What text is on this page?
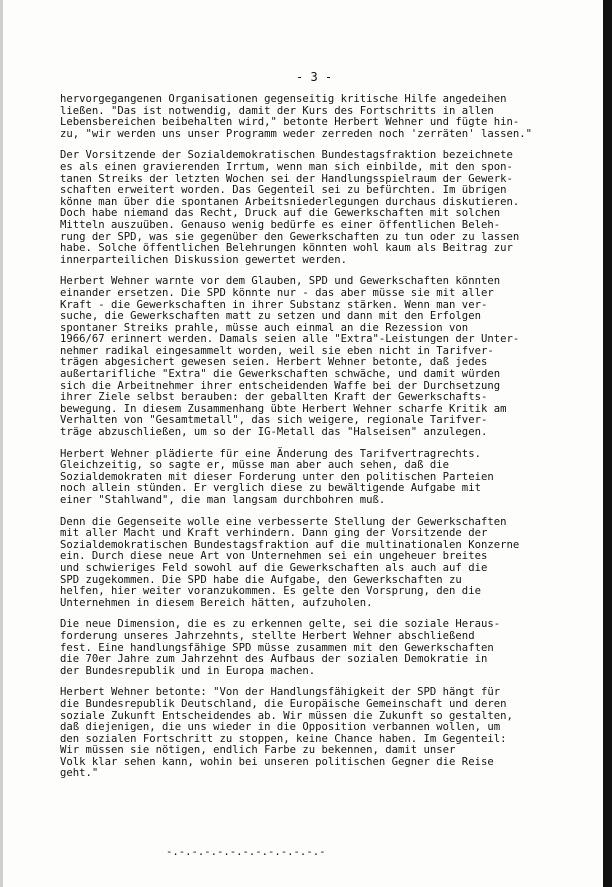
- 3 -
hervorgegangenen Organisationen gegenseitig kritische Hilfe angedeihen
ließen. "Das ist notwendig, damit der Kurs des Fortschritts in allen
Lebensbereichen beibehalten wird," betonte Herbert Wehner und fügte hin-
zu, "wir werden uns unser Programm weder zerreden noch 'zerräten' lassen."
Der Vorsitzende der Sozialdemokratischen Bundestagsfraktion bezeichnete
es als einen gravierenden Irrtum, wenn man sich einbilde, mit den spon-
tanen Streiks der letzten Wochen sei der Handlungsspielraum der Gewerk-
schaften erweitert worden. Das Gegenteil sei zu befürchten. Im übrigen
könne man über die spontanen Arbeitsniederlegungen durchaus diskutieren.
Doch habe niemand das Recht, Druck auf die Gewerkschaften mit solchen
Mitteln auszuüben. Genauso wenig bedürfe es einer öffentlichen Beleh-
rung der SPD, was sie gegenüber den Gewerkschaften zu tun oder zu lassen
habe. Solche öffentlichen Belehrungen könnten wohl kaum als Beitrag zur
innerparteilichen Diskussion gewertet werden.
Herbert Wehner warnte vor dem Glauben, SPD und Gewerkschaften könnten
einander ersetzen. Die SPD könnte nur - das aber müsse sie mit aller
Kraft - die Gewerkschaften in ihrer Substanz stärken. Wenn man ver-
suche, die Gewerkschaften matt zu setzen und dann mit den Erfolgen
spontaner Streiks prahle, müsse auch einmal an die Rezession von
1966/67 erinnert werden. Damals seien alle "Extra"-Leistungen der Unter-
nehmer radikal eingesammelt worden, weil sie eben nicht in Tarifver-
trägen abgesichert gewesen seien. Herbert Wehner betonte, daß jedes
außertarifliche "Extra" die Gewerkschaften schwäche, und damit würden
sich die Arbeitnehmer ihrer entscheidenden Waffe bei der Durchsetzung
ihrer Ziele selbst berauben: der geballten Kraft der Gewerkschafts-
bewegung. In diesem Zusammenhang übte Herbert Wehner scharfe Kritik am
Verhalten von "Gesamtmetall", das sich weigere, regionale Tarifver-
träge abzuschließen, um so der IG-Metall das "Halseisen" anzulegen.
Herbert Wehner plädierte für eine Änderung des Tarifvertragrechts.
Gleichzeitig, so sagte er, müsse man aber auch sehen, daß die
Sozialdemokraten mit dieser Forderung unter den politischen Parteien
noch allein stünden. Er verglich diese zu bewältigende Aufgabe mit
einer "Stahlwand", die man langsam durchbohren muß.
Denn die Gegenseite wolle eine verbesserte Stellung der Gewerkschaften
mit aller Macht und Kraft verhindern. Dann ging der Vorsitzende der
Sozialdemokratischen Bundestagsfraktion auf die multinationalen Konzerne
ein. Durch diese neue Art von Unternehmen sei ein ungeheuer breites
und schwieriges Feld sowohl auf die Gewerkschaften als auch auf die
SPD zugekommen. Die SPD habe die Aufgabe, den Gewerkschaften zu
helfen, hier weiter voranzukommen. Es gelte den Vorsprung, den die
Unternehmen in diesem Bereich hätten, aufzuholen.
Die neue Dimension, die es zu erkennen gelte, sei die soziale Heraus-
forderung unseres Jahrzehnts, stellte Herbert Wehner abschließend
fest. Eine handlungsfähige SPD müsse zusammen mit den Gewerkschaften
die 70er Jahre zum Jahrzehnt des Aufbaus der sozialen Demokratie in
der Bundesrepublik und in Europa machen.
Herbert Wehner betonte: "Von der Handlungsfähigkeit der SPD hängt für
die Bundesrepublik Deutschland, die Europäische Gemeinschaft und deren
soziale Zukunft Entscheidendes ab. Wir müssen die Zukunft so gestalten,
daß diejenigen, die uns wieder in die Opposition verbannen wollen, um
den sozialen Fortschritt zu stoppen, keine Chance haben. Im Gegenteil:
Wir müssen sie nötigen, endlich Farbe zu bekennen, damit unser
Volk klar sehen kann, wohin bei unseren politischen Gegner die Reise
geht."
-.-.-.-.-.-.-.-.-.-.-.-.-
